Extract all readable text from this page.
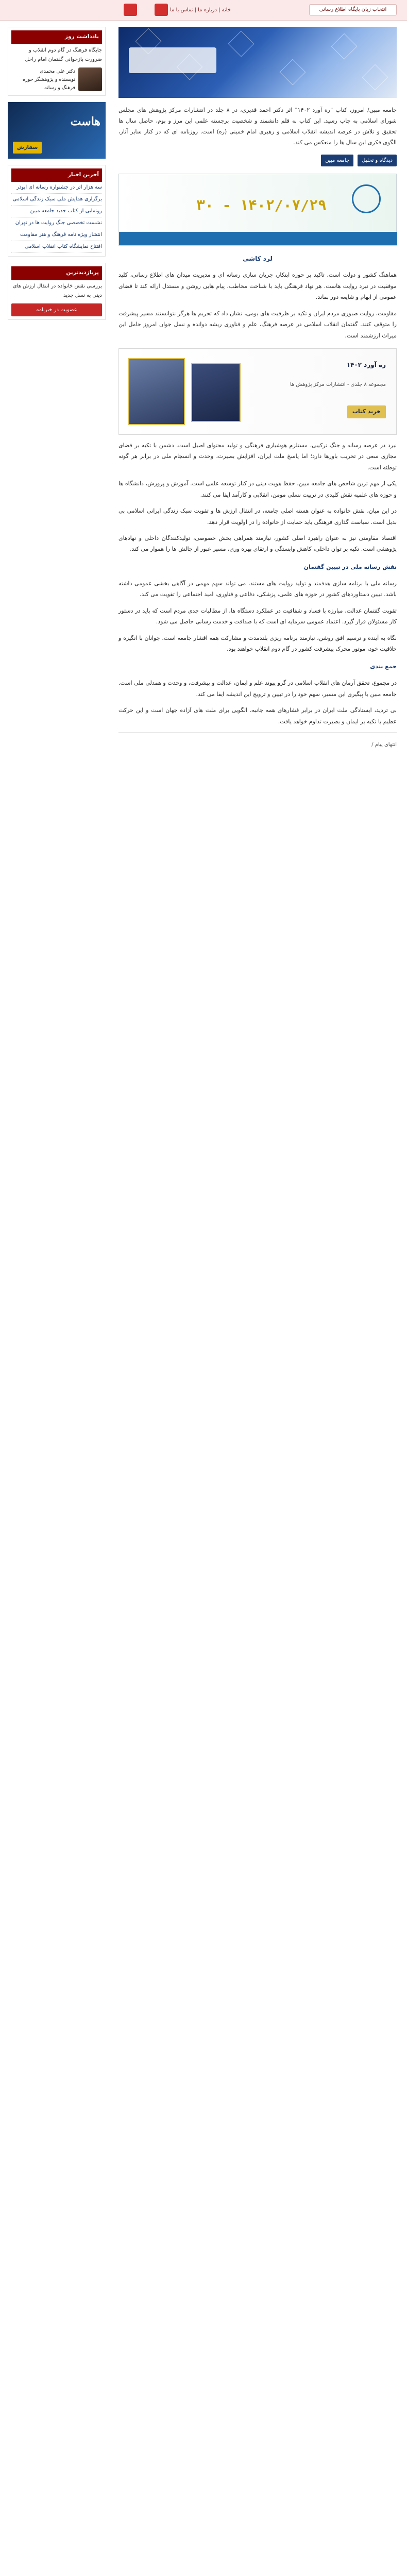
انتخاب زبان پایگاه اطلاع رسانی
خانه | درباره ما | تماس با ما

جامعه مبین/ امروز، کتاب "ره آورد ۱۴۰۲" اثر دکتر احمد قدیری، در ۸ جلد در انتشارات مرکز پژوهش های مجلس شورای اسلامی به چاپ رسید. این کتاب به قلم دانشمند و شخصیت برجسته علمی این مرز و بوم، حاصل سال ها تحقیق و تلاش در عرصه اندیشه انقلاب اسلامی و رهبری امام خمینی (ره) است. روزنامه ای که در کنار سایر آثار، الگوی فکری این سال ها را منعکس می کند.

دیدگاه و تحلیل
جامعه مبین
۱۴۰۲/۰۷/۲۹ - ۳۰
لرد کاشی

هماهنگ کشور و دولت است. تاکید بر حوزه ابتکار، جریان سازی رسانه ای و مدیریت میدان های اطلاع رسانی، کلید موفقیت در نبرد روایت هاست. هر نهاد فرهنگی باید با شناخت مخاطب، پیام هایی روشن و مستدل ارائه کند تا فضای عمومی از ابهام و شایعه دور بماند.

مقاومت، روایت صبوری مردم ایران و تکیه بر ظرفیت های بومی، نشان داد که تحریم ها هرگز نتوانستند مسیر پیشرفت را متوقف کنند. گفتمان انقلاب اسلامی در عرصه فرهنگ، علم و فناوری ریشه دوانده و نسل جوان امروز حامل این میراث ارزشمند است.

ره آورد ۱۴۰۲
مجموعه ۸ جلدی - انتشارات مرکز پژوهش ها
خرید کتاب

نبرد در عرصه رسانه و جنگ ترکیبی، مستلزم هوشیاری فرهنگی و تولید محتوای اصیل است. دشمن با تکیه بر فضای مجازی سعی در تخریب باورها دارد؛ اما پاسخ ملت ایران، افزایش بصیرت، وحدت و انسجام ملی در برابر هر گونه توطئه است.

یکی از مهم ترین شاخص های جامعه مبین، حفظ هویت دینی در کنار توسعه علمی است. آموزش و پرورش، دانشگاه ها و حوزه های علمیه نقش کلیدی در تربیت نسلی مومن، انقلابی و کارآمد ایفا می کنند.

در این میان، نقش خانواده به عنوان هسته اصلی جامعه، در انتقال ارزش ها و تقویت سبک زندگی ایرانی اسلامی بی بدیل است. سیاست گذاری فرهنگی باید حمایت از خانواده را در اولویت قرار دهد.

اقتصاد مقاومتی نیز به عنوان راهبرد اصلی کشور، نیازمند همراهی بخش خصوصی، تولیدکنندگان داخلی و نهادهای پژوهشی است. تکیه بر توان داخلی، کاهش وابستگی و ارتقای بهره وری، مسیر عبور از چالش ها را هموار می کند.

نقش رسانه ملی در تبیین گفتمان

رسانه ملی با برنامه سازی هدفمند و تولید روایت های مستند، می تواند سهم مهمی در آگاهی بخشی عمومی داشته باشد. تبیین دستاوردهای کشور در حوزه های علمی، پزشکی، دفاعی و فناوری، امید اجتماعی را تقویت می کند.

تقویت گفتمان عدالت، مبارزه با فساد و شفافیت در عملکرد دستگاه ها، از مطالبات جدی مردم است که باید در دستور کار مسئولان قرار گیرد. اعتماد عمومی سرمایه ای است که با صداقت و خدمت رسانی حاصل می شود.

نگاه به آینده و ترسیم افق روشن، نیازمند برنامه ریزی بلندمدت و مشارکت همه اقشار جامعه است. جوانان با انگیزه و خلاقیت خود، موتور محرک پیشرفت کشور در گام دوم انقلاب خواهند بود.

جمع بندی

در مجموع، تحقق آرمان های انقلاب اسلامی در گرو پیوند علم و ایمان، عدالت و پیشرفت، و وحدت و همدلی ملی است. جامعه مبین با پیگیری این مسیر، سهم خود را در تبیین و ترویج این اندیشه ایفا می کند.

بی تردید، ایستادگی ملت ایران در برابر فشارهای همه جانبه، الگویی برای ملت های آزاده جهان است و این حرکت عظیم با تکیه بر ایمان و بصیرت تداوم خواهد یافت.

انتهای پیام /
یادداشت روز
جایگاه فرهنگ در گام دوم انقلاب و ضرورت بازخوانی گفتمان امام راحل
دکتر علی محمدی
نویسنده و پژوهشگر حوزه فرهنگ و رسانه
هاست
سفارش
آخرین اخبار
سه هزار اثر در جشنواره رسانه ای ابوذر
برگزاری همایش ملی سبک زندگی اسلامی
رونمایی از کتاب جدید جامعه مبین
نشست تخصصی جنگ روایت ها در تهران
انتشار ویژه نامه فرهنگ و هنر مقاومت
افتتاح نمایشگاه کتاب انقلاب اسلامی
پربازدیدترین
بررسی نقش خانواده در انتقال ارزش های دینی به نسل جدید
عضویت در خبرنامه
